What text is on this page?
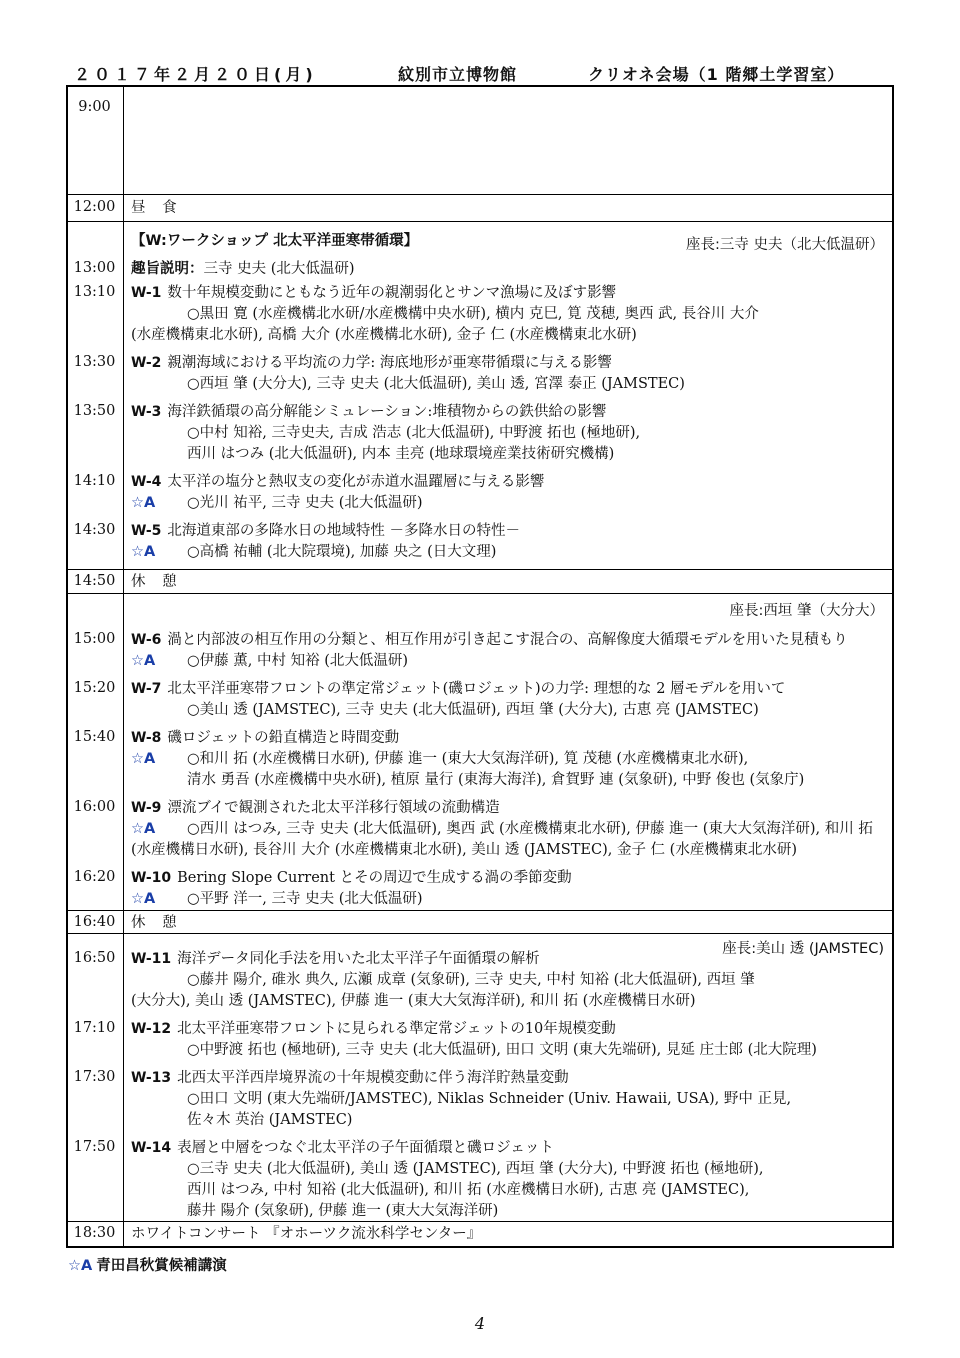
２０１７年２月２０日(月)	紋別市立博物館	クリオネ会場（1 階郷土学習室）
9:00
12:00	昼 食
【W:ワークショップ 北太平洋亜寒帯循環】	座長:三寺 史夫（北大低温研）
13:00	趣旨説明：三寺 史夫 (北大低温研)
13:10	W-1 数十年規模変動にともなう近年の親潮弱化とサンマ漁場に及ぼす影響
○黒田 寛 (水産機構北水研/水産機構中央水研), 横内 克巳, 筧 茂穂, 奥西 武, 長谷川 大介
(水産機構東北水研), 高橋 大介 (水産機構北水研), 金子 仁 (水産機構東北水研)
13:30	W-2 親潮海域における平均流の力学: 海底地形が亜寒帯循環に与える影響
○西垣 肇 (大分大), 三寺 史夫 (北大低温研), 美山 透, 宮澤 泰正 (JAMSTEC)
13:50	W-3 海洋鉄循環の高分解能シミュレーション:堆積物からの鉄供給の影響
○中村 知裕, 三寺史夫, 吉成 浩志 (北大低温研), 中野渡 拓也 (極地研),
西川 はつみ (北大低温研), 内本 圭亮 (地球環境産業技術研究機構)
14:10	W-4 太平洋の塩分と熱収支の変化が赤道水温躍層に与える影響
☆A ○光川 祐平, 三寺 史夫 (北大低温研)
14:30	W-5 北海道東部の多降水日の地域特性 －多降水日の特性－
☆A ○高橋 祐輔 (北大院環境), 加藤 央之 (日大文理)
14:50	休 憩
座長:西垣 肇（大分大）
15:00	W-6 渦と内部波の相互作用の分類と、相互作用が引き起こす混合の、高解像度大循環モデルを用いた見積もり
☆A ○伊藤 薫, 中村 知裕 (北大低温研)
15:20	W-7 北太平洋亜寒帯フロントの準定常ジェット(磯ロジェット)の力学: 理想的な 2 層モデルを用いて
○美山 透 (JAMSTEC), 三寺 史夫 (北大低温研), 西垣 肇 (大分大), 古恵 亮 (JAMSTEC)
15:40	W-8 磯ロジェットの鉛直構造と時間変動
☆A ○和川 拓 (水産機構日水研), 伊藤 進一 (東大大気海洋研), 筧 茂穂 (水産機構東北水研),
清水 勇吾 (水産機構中央水研), 植原 量行 (東海大海洋), 倉賀野 連 (気象研), 中野 俊也 (気象庁)
16:00	W-9 漂流ブイで観測された北太平洋移行領域の流動構造
☆A ○西川 はつみ, 三寺 史夫 (北大低温研), 奥西 武 (水産機構東北水研), 伊藤 進一 (東大大気海洋研), 和川 拓
(水産機構日水研), 長谷川 大介 (水産機構東北水研), 美山 透 (JAMSTEC), 金子 仁 (水産機構東北水研)
16:20	W-10 Bering Slope Current とその周辺で生成する渦の季節変動
☆A ○平野 洋一, 三寺 史夫 (北大低温研)
16:40	休 憩
座長:美山 透 (JAMSTEC)
16:50	W-11 海洋データ同化手法を用いた北太平洋子午面循環の解析
○藤井 陽介, 碓氷 典久, 広瀬 成章 (気象研), 三寺 史夫, 中村 知裕 (北大低温研), 西垣 肇
(大分大), 美山 透 (JAMSTEC), 伊藤 進一 (東大大気海洋研), 和川 拓 (水産機構日水研)
17:10	W-12 北太平洋亜寒帯フロントに見られる準定常ジェットの10年規模変動
○中野渡 拓也 (極地研), 三寺 史夫 (北大低温研), 田口 文明 (東大先端研), 見延 庄士郎 (北大院理)
17:30	W-13 北西太平洋西岸境界流の十年規模変動に伴う海洋貯熱量変動
○田口 文明 (東大先端研/JAMSTEC), Niklas Schneider (Univ. Hawaii, USA), 野中 正見,
佐々木 英治 (JAMSTEC)
17:50	W-14 表層と中層をつなぐ北太平洋の子午面循環と磯ロジェット
○三寺 史夫 (北大低温研), 美山 透 (JAMSTEC), 西垣 肇 (大分大), 中野渡 拓也 (極地研),
西川 はつみ, 中村 知裕 (北大低温研), 和川 拓 (水産機構日水研), 古恵 亮 (JAMSTEC),
藤井 陽介 (気象研), 伊藤 進一 (東大大気海洋研)
18:30	ホワイトコンサート 『オホーツク流氷科学センター』
☆A 青田昌秋賞候補講演
4
